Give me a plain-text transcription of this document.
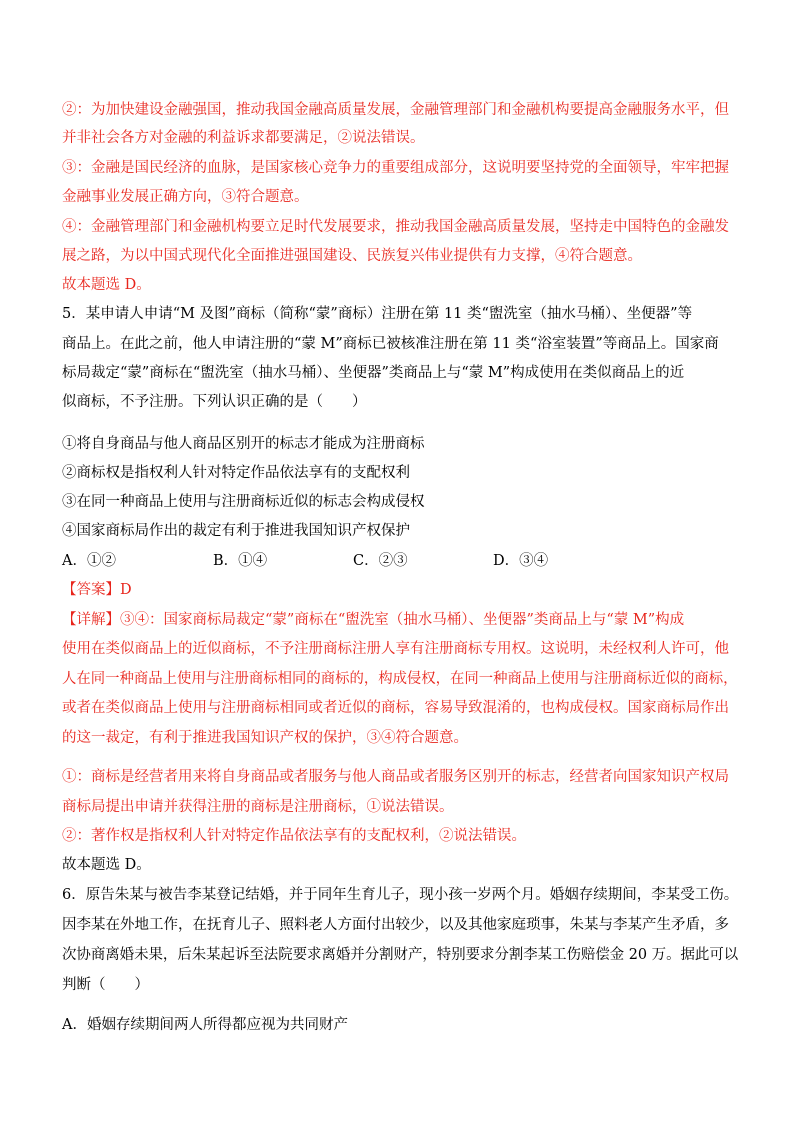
②：为加快建设金融强国，推动我国金融高质量发展，金融管理部门和金融机构要提高金融服务水平，但
并非社会各方对金融的利益诉求都要满足，②说法错误。
③：金融是国民经济的血脉，是国家核心竞争力的重要组成部分，这说明要坚持党的全面领导，牢牢把握
金融事业发展正确方向，③符合题意。
④：金融管理部门和金融机构要立足时代发展要求，推动我国金融高质量发展，坚持走中国特色的金融发
展之路，为以中国式现代化全面推进强国建设、民族复兴伟业提供有力支撑，④符合题意。
故本题选 D。
5．某申请人申请“M 及图”商标（简称“蒙”商标）注册在第 11 类“盥洗室（抽水马桶）、坐便器”等
商品上。在此之前，他人申请注册的“蒙 M”商标已被核准注册在第 11 类“浴室装置”等商品上。国家商
标局裁定“蒙”商标在“盥洗室（抽水马桶）、坐便器”类商品上与“蒙 M”构成使用在类似商品上的近
似商标，不予注册。下列认识正确的是（　　）
①将自身商品与他人商品区别开的标志才能成为注册商标
②商标权是指权利人针对特定作品依法享有的支配权利
③在同一种商品上使用与注册商标近似的标志会构成侵权
④国家商标局作出的裁定有利于推进我国知识产权保护
A．①②	B．①④	C．②③	D．③④
【答案】D
【详解】③④：国家商标局裁定“蒙”商标在“盥洗室（抽水马桶）、坐便器”类商品上与“蒙 M”构成
使用在类似商品上的近似商标，不予注册商标注册人享有注册商标专用权。这说明，未经权利人许可，他
人在同一种商品上使用与注册商标相同的商标的，构成侵权，在同一种商品上使用与注册商标近似的商标，
或者在类似商品上使用与注册商标相同或者近似的商标，容易导致混淆的，也构成侵权。国家商标局作出
的这一裁定，有利于推进我国知识产权的保护，③④符合题意。
①：商标是经营者用来将自身商品或者服务与他人商品或者服务区别开的标志，经营者向国家知识产权局
商标局提出申请并获得注册的商标是注册商标，①说法错误。
②：著作权是指权利人针对特定作品依法享有的支配权利，②说法错误。
故本题选 D。
6．原告朱某与被告李某登记结婚，并于同年生育儿子，现小孩一岁两个月。婚姻存续期间，李某受工伤。
因李某在外地工作，在抚育儿子、照料老人方面付出较少，以及其他家庭琐事，朱某与李某产生矛盾，多
次协商离婚未果，后朱某起诉至法院要求离婚并分割财产，特别要求分割李某工伤赔偿金 20 万。据此可以
判断（　　）
A．婚姻存续期间两人所得都应视为共同财产
